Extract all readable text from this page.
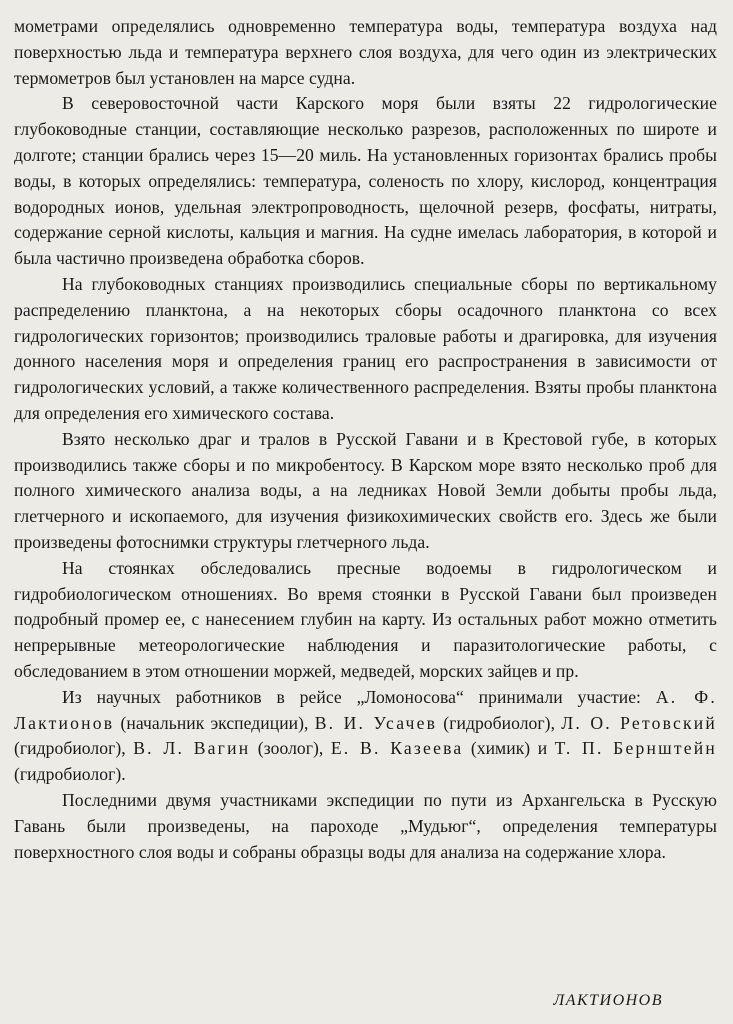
мометрами определялись одновременно температура воды, температура воздуха над поверхностью льда и температура верхнего слоя воздуха, для чего один из электрических термометров был установлен на марсе судна.

В северовосточной части Карского моря были взяты 22 гидрологические глубоководные станции, составляющие несколько разрезов, расположенных по широте и долготе; станции брались через 15—20 миль. На установленных горизонтах брались пробы воды, в которых определялись: температура, соленость по хлору, кислород, концентрация водородных ионов, удельная электропроводность, щелочной резерв, фосфаты, нитраты, содержание серной кислоты, кальция и магния. На судне имелась лаборатория, в которой и была частично произведена обработка сборов.

На глубоководных станциях производились специальные сборы по вертикальному распределению планктона, а на некоторых сборы осадочного планктона со всех гидрологических горизонтов; производились траловые работы и драгировка, для изучения донного населения моря и определения границ его распространения в зависимости от гидрологических условий, а также количественного распределения. Взяты пробы планктона для определения его химического состава.

Взято несколько драг и тралов в Русской Гавани и в Крестовой губе, в которых производились также сборы и по микробентосу. В Карском море взято несколько проб для полного химического анализа воды, а на ледниках Новой Земли добыты пробы льда, глетчерного и ископаемого, для изучения физикохимических свойств его. Здесь же были произведены фотоснимки структуры глетчерного льда.

На стоянках обследовались пресные водоемы в гидрологическом и гидробиологическом отношениях. Во время стоянки в Русской Гавани был произведен подробный промер ее, с нанесением глубин на карту. Из остальных работ можно отметить непрерывные метеорологические наблюдения и паразитологические работы, с обследованием в этом отношении моржей, медведей, морских зайцев и пр.

Из научных работников в рейсе „Ломоносова“ принимали участие: А. Ф. Лактионов (начальник экспедиции), В. И. Усачев (гидробиолог), Л. О. Ретовский (гидробиолог), В. Л. Вагин (зоолог), Е. В. Казеева (химик) и Т. П. Бернштейн (гидробиолог).

Последними двумя участниками экспедиции по пути из Архангельска в Русскую Гавань были произведены, на пароходе „Мудьюг“, определения температуры поверхностного слоя воды и собраны образцы воды для анализа на содержание хлора.

ЛАКТИОНОВ
